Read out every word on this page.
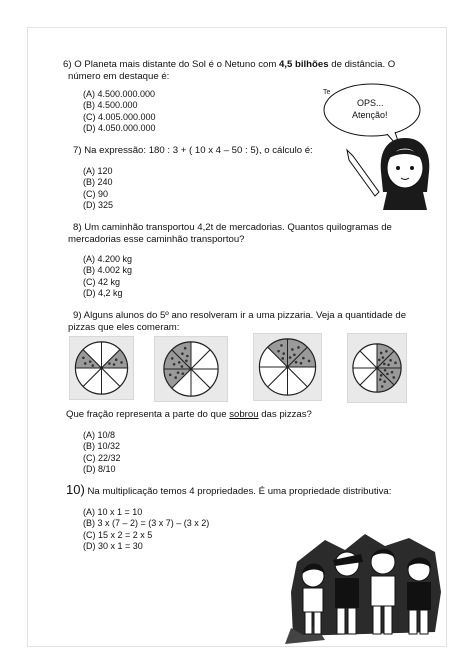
6) O Planeta mais distante do Sol é o Netuno com 4,5 bilhões de distância. O
número em destaque é:
(A) 4.500.000.000
(B) 4.500.000
(C) 4.005.000.000
(D) 4.050.000.000
7) Na expressão: 180 : 3 + ( 10 x 4 – 50 : 5), o cálculo é:
(A) 120
(B) 240
(C) 90
(D) 325
8) Um caminhão transportou 4,2t de mercadorias. Quantos quilogramas de
mercadorias esse caminhão transportou?
(A) 4.200 kg
(B) 4.002 kg
(C) 42 kg
(D) 4,2 kg
9) Alguns alunos do 5º ano resolveram ir a uma pizzaria. Veja a quantidade de
pizzas que eles comeram:
Que fração representa a parte do que sobrou das pizzas?
(A) 10/8
(B) 10/32
(C) 22/32
(D) 8/10
10) Na multiplicação temos 4 propriedades. É uma propriedade distributiva:
(A) 10 x 1 = 10
(B) 3 x (7 – 2) = (3 x 7) – (3 x 2)
(C) 15 x 2 = 2 x 5
(D) 30 x 1 = 30
Te
OPS...
Atenção!
